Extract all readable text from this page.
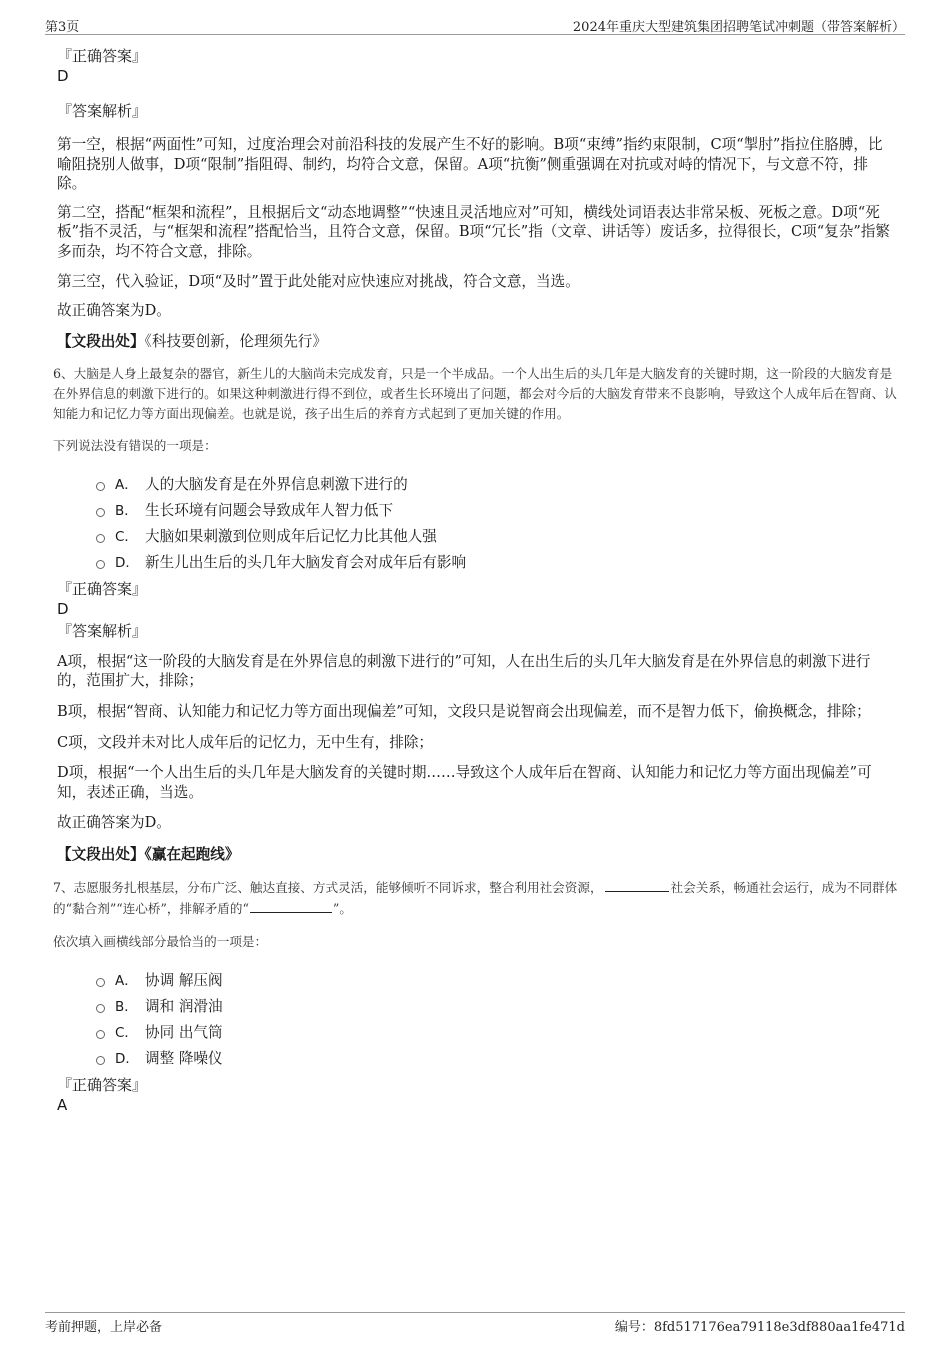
第3页	2024年重庆大型建筑集团招聘笔试冲刺题（带答案解析）
『正确答案』
D
『答案解析』

第一空，根据“两面性”可知，过度治理会对前沿科技的发展产生不好的影响。B项“束缚”指约束限制，C项“掣肘”指拉住胳膊，比喻阻挠别人做事，D项“限制”指阻碍、制约，均符合文意，保留。A项“抗衡”侧重强调在对抗或对峙的情况下，与文意不符，排除。

第二空，搭配“框架和流程”，且根据后文“动态地调整”“快速且灵活地应对”可知，横线处词语表达非常呆板、死板之意。D项“死板”指不灵活，与“框架和流程”搭配恰当，且符合文意，保留。B项“冗长”指（文章、讲话等）废话多，拉得很长，C项“复杂”指繁多而杂，均不符合文意，排除。

第三空，代入验证，D项“及时”置于此处能对应快速应对挑战，符合文意，当选。

故正确答案为D。

【文段出处】《科技要创新，伦理须先行》

6、大脑是人身上最复杂的器官，新生儿的大脑尚未完成发育，只是一个半成品。一个人出生后的头几年是大脑发育的关键时期，这一阶段的大脑发育是在外界信息的刺激下进行的。如果这种刺激进行得不到位，或者生长环境出了问题，都会对今后的大脑发育带来不良影响，导致这个人成年后在智商、认知能力和记忆力等方面出现偏差。也就是说，孩子出生后的养育方式起到了更加关键的作用。

下列说法没有错误的一项是：
A． 人的大脑发育是在外界信息刺激下进行的
B． 生长环境有问题会导致成年人智力低下
C． 大脑如果刺激到位则成年后记忆力比其他人强
D． 新生儿出生后的头几年大脑发育会对成年后有影响
『正确答案』
D
『答案解析』

A项，根据“这一阶段的大脑发育是在外界信息的刺激下进行的”可知，人在出生后的头几年大脑发育是在外界信息的刺激下进行的，范围扩大，排除；

B项，根据“智商、认知能力和记忆力等方面出现偏差”可知，文段只是说智商会出现偏差，而不是智力低下，偷换概念，排除；

C项，文段并未对比人成年后的记忆力，无中生有，排除；

D项，根据“一个人出生后的头几年是大脑发育的关键时期……导致这个人成年后在智商、认知能力和记忆力等方面出现偏差”可知，表述正确，当选。

故正确答案为D。

【文段出处】《赢在起跑线》

7、志愿服务扎根基层，分布广泛、触达直接、方式灵活，能够倾听不同诉求，整合利用社会资源，	社会关系，畅通社会运行，成为不同群体的“黏合剂”“连心桥”，排解矛盾的“	”。

依次填入画横线部分最恰当的一项是：
A． 协调 解压阀
B． 调和 润滑油
C． 协同 出气筒
D． 调整 降噪仪
『正确答案』
A
考前押题，上岸必备	编号：8fd517176ea79118e3df880aa1fe471d
